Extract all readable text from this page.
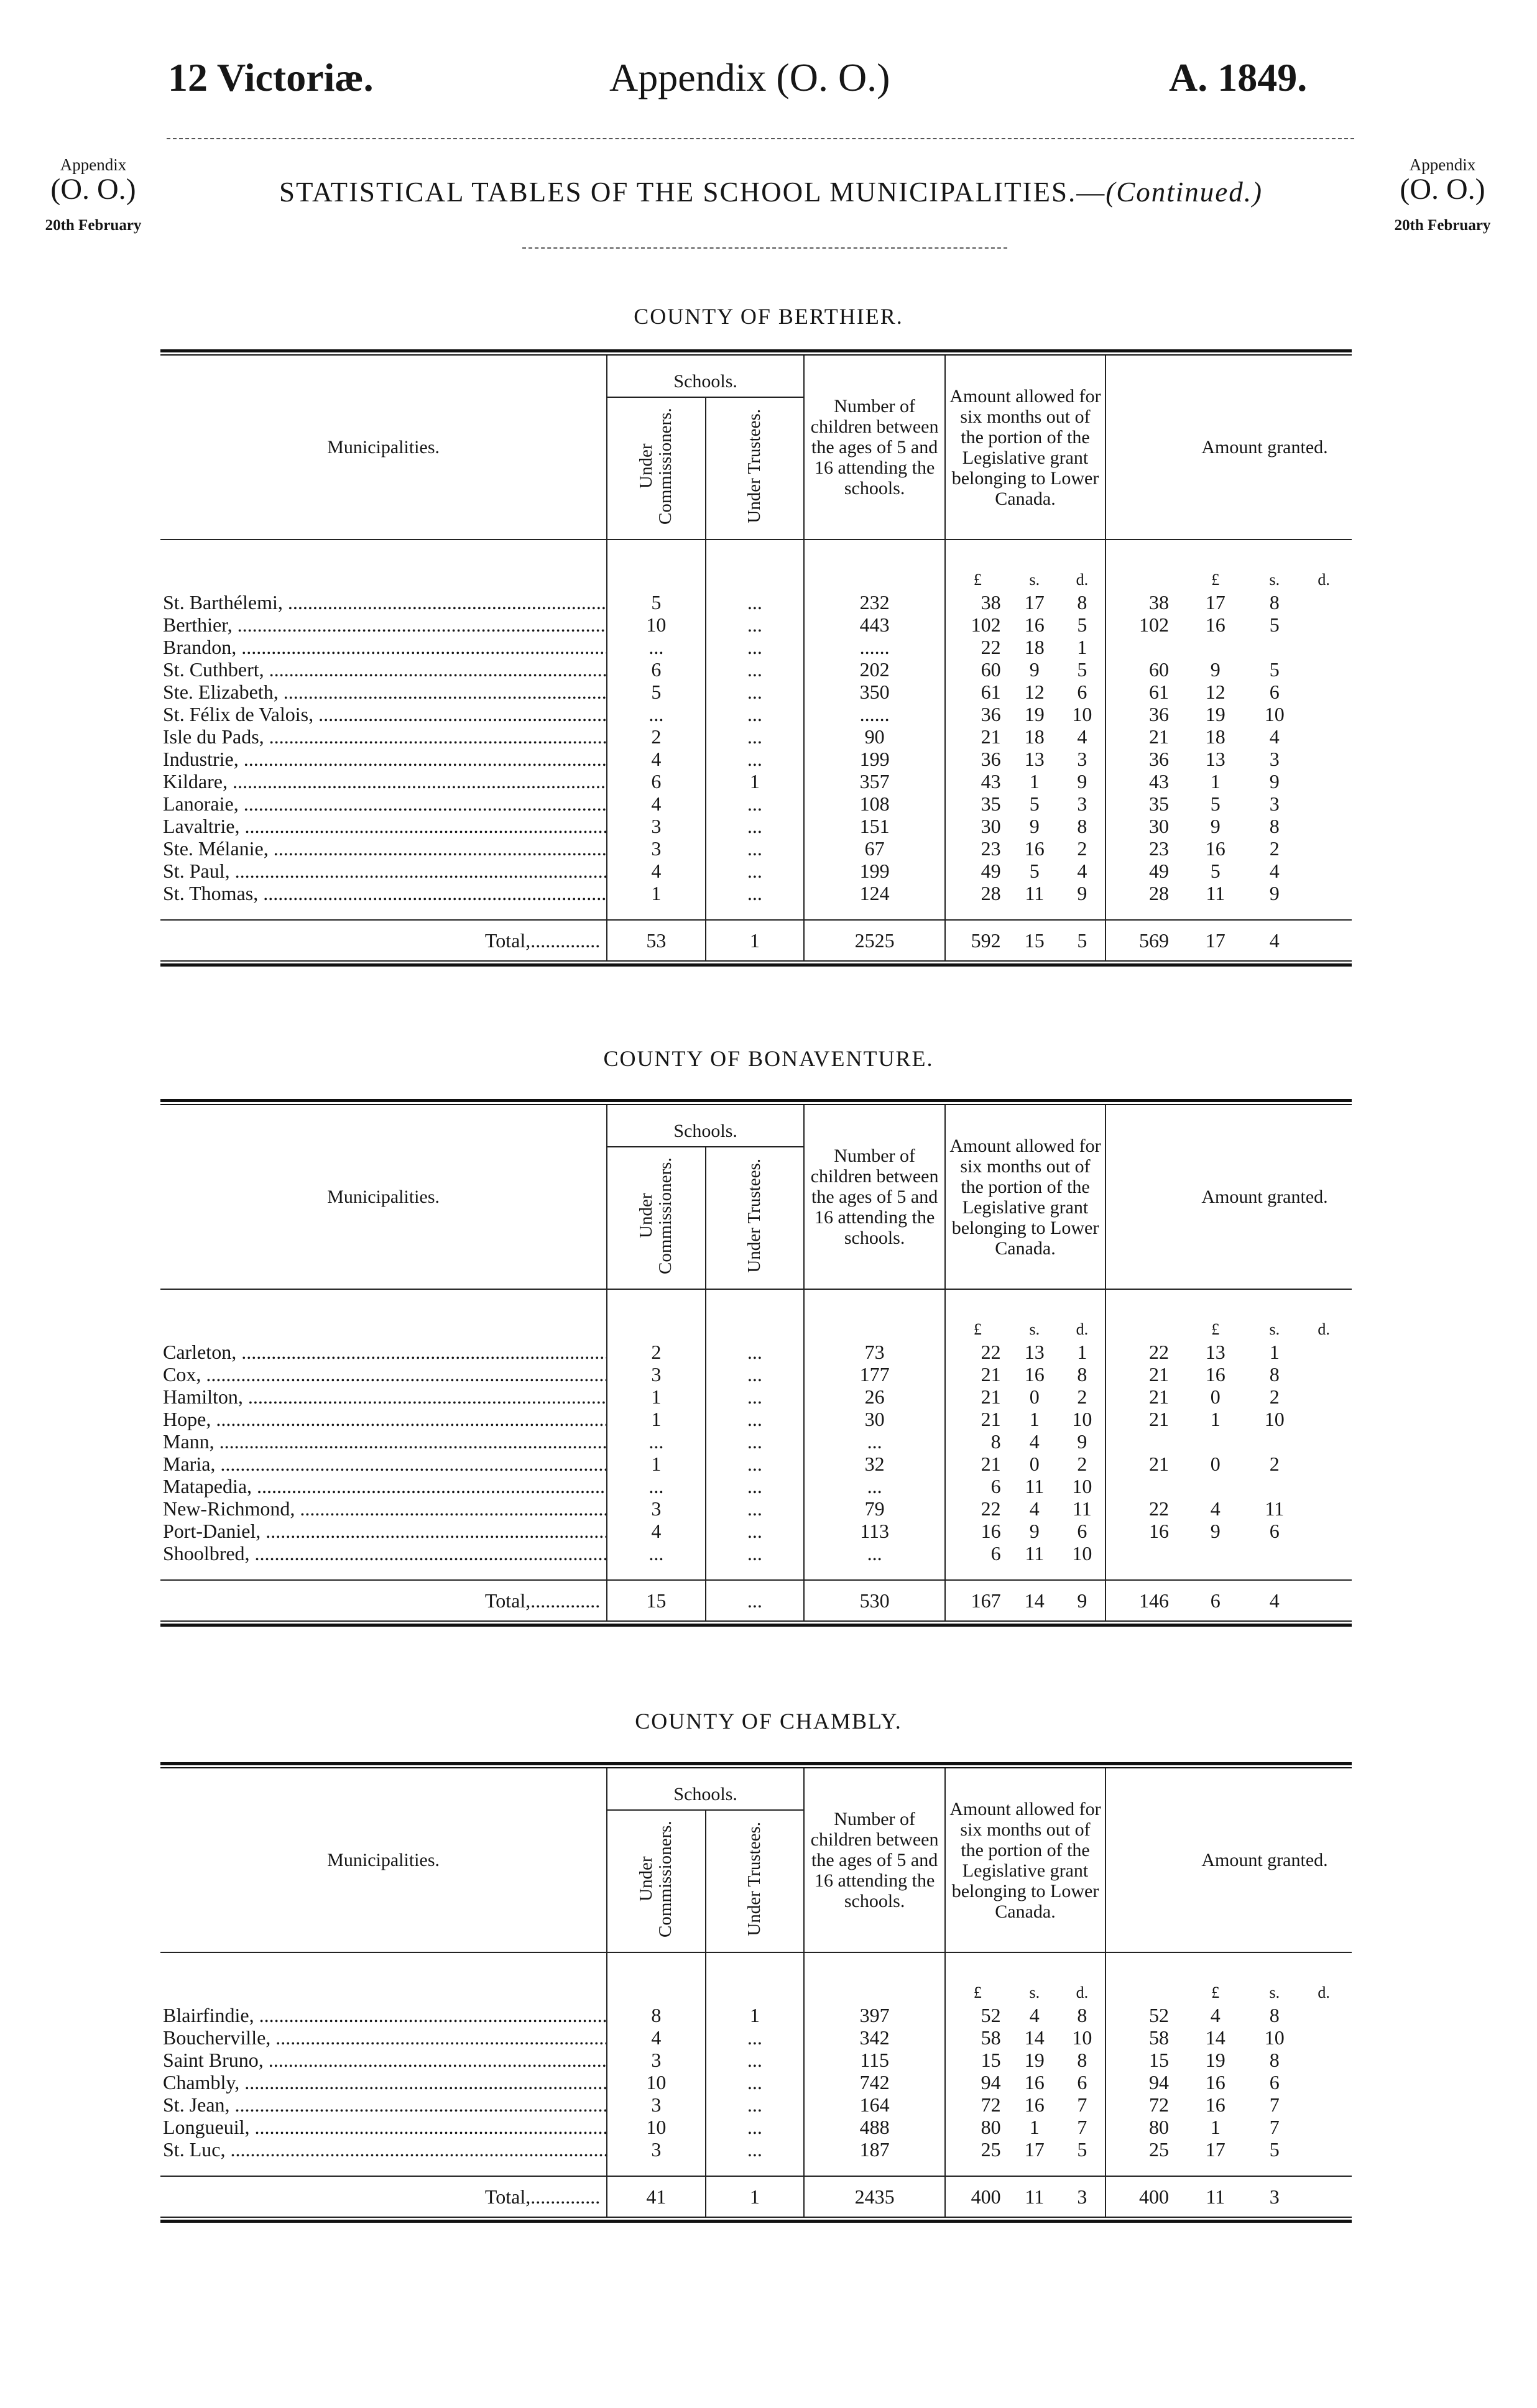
12 Victoriæ.	Appendix (O. O.)	A. 1849.
Appendix
(O. O.)
20th February
Appendix
(O. O.)
20th February
STATISTICAL TABLES OF THE SCHOOL MUNICIPALITIES.—(Continued.)
COUNTY OF BERTHIER.
COUNTY OF BONAVENTURE.
COUNTY OF CHAMBLY.
Municipalities.	Schools.		Number of children between the ages of 5 and 16 attending the schools.	Amount allowed for six months out of the portion of the Legislative grant belonging to Lower Canada.				Amount granted.		
	Under Commissioners.	Under Trustees.								

				£	s.	d.		£	s.	d.
St. Barthélemi, .....	5	...	232	38	17	8	38	17	8	
Berthier, .....	10	...	443	102	16	5	102	16	5	
Brandon, .....	...	...	......	22	18	1				
St. Cuthbert, .....	6	...	202	60	9	5	60	9	5	
Ste. Elizabeth, .....	5	...	350	61	12	6	61	12	6	
St. Félix de Valois, .....	...	...	......	36	19	10	36	19	10	
Isle du Pads, .....	2	...	90	21	18	4	21	18	4	
Industrie, .....	4	...	199	36	13	3	36	13	3	
Kildare, .....	6	1	357	43	1	9	43	1	9	
Lanoraie, .....	4	...	108	35	5	3	35	5	3	
Lavaltrie, .....	3	...	151	30	9	8	30	9	8	
Ste. Mélanie, .....	3	...	67	23	16	2	23	16	2	
St. Paul, .....	4	...	199	49	5	4	49	5	4	
St. Thomas, .....	1	...	124	28	11	9	28	11	9	

Total,..............	53	1	2525	592	15	5	569	17	4	
Municipalities.	Schools.		Number of children between the ages of 5 and 16 attending the schools.	Amount allowed for six months out of the portion of the Legislative grant belonging to Lower Canada.				Amount granted.		
	Under Commissioners.	Under Trustees.								

				£	s.	d.		£	s.	d.
Carleton, .....	2	...	73	22	13	1	22	13	1	
Cox, .....	3	...	177	21	16	8	21	16	8	
Hamilton, .....	1	...	26	21	0	2	21	0	2	
Hope, .....	1	...	30	21	1	10	21	1	10	
Mann, .....	...	...	...	8	4	9				
Maria, .....	1	...	32	21	0	2	21	0	2	
Matapedia, .....	...	...	...	6	11	10				
New-Richmond, .....	3	...	79	22	4	11	22	4	11	
Port-Daniel, .....	4	...	113	16	9	6	16	9	6	
Shoolbred, .....	...	...	...	6	11	10				

Total,..............	15	...	530	167	14	9	146	6	4	
Municipalities.	Schools.		Number of children between the ages of 5 and 16 attending the schools.	Amount allowed for six months out of the portion of the Legislative grant belonging to Lower Canada.				Amount granted.		
	Under Commissioners.	Under Trustees.								

				£	s.	d.		£	s.	d.
Blairfindie, .....	8	1	397	52	4	8	52	4	8	
Boucherville, .....	4	...	342	58	14	10	58	14	10	
Saint Bruno, .....	3	...	115	15	19	8	15	19	8	
Chambly, .....	10	...	742	94	16	6	94	16	6	
St. Jean, .....	3	...	164	72	16	7	72	16	7	
Longueuil, .....	10	...	488	80	1	7	80	1	7	
St. Luc, .....	3	...	187	25	17	5	25	17	5	

Total,..............	41	1	2435	400	11	3	400	11	3	
